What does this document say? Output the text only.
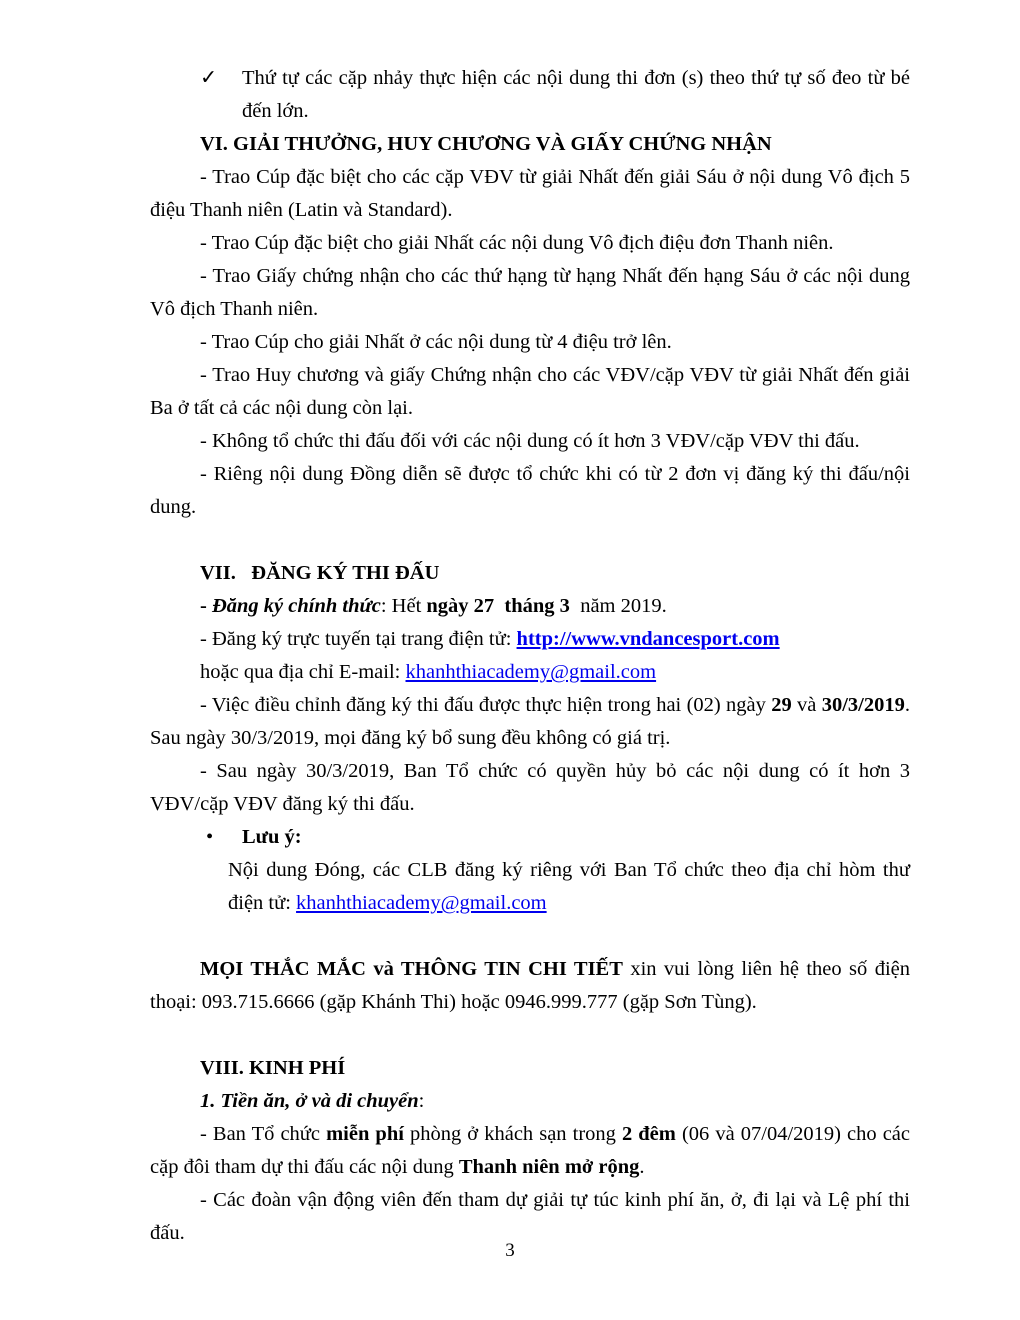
✓ Thứ tự các cặp nhảy thực hiện các nội dung thi đơn (s) theo thứ tự số đeo từ bé đến lớn.

VI. GIẢI THƯỞNG, HUY CHƯƠNG VÀ GIẤY CHỨNG NHẬN

- Trao Cúp đặc biệt cho các cặp VĐV từ giải Nhất đến giải Sáu ở nội dung Vô địch 5 điệu Thanh niên (Latin và Standard).

- Trao Cúp đặc biệt cho giải Nhất các nội dung Vô địch điệu đơn Thanh niên.

- Trao Giấy chứng nhận cho các thứ hạng từ hạng Nhất đến hạng Sáu ở các nội dung Vô địch Thanh niên.

- Trao Cúp cho giải Nhất ở các nội dung từ 4 điệu trở lên.

- Trao Huy chương và giấy Chứng nhận cho các VĐV/cặp VĐV từ giải Nhất đến giải Ba ở tất cả các nội dung còn lại.

- Không tổ chức thi đấu đối với các nội dung có ít hơn 3 VĐV/cặp VĐV thi đấu.

- Riêng nội dung Đồng diễn sẽ được tổ chức khi có từ 2 đơn vị đăng ký thi đấu/nội dung.

VII.   ĐĂNG KÝ THI ĐẤU

- Đăng ký chính thức: Hết ngày 27  tháng 3  năm 2019.

- Đăng ký trực tuyến tại trang điện tử: http://www.vndancesport.com

hoặc qua địa chỉ E-mail: khanhthiacademy@gmail.com

- Việc điều chỉnh đăng ký thi đấu được thực hiện trong hai (02) ngày 29 và 30/3/2019. Sau ngày 30/3/2019, mọi đăng ký bổ sung đều không có giá trị.

- Sau ngày 30/3/2019, Ban Tổ chức có quyền hủy bỏ các nội dung có ít hơn 3 VĐV/cặp VĐV đăng ký thi đấu.

• Lưu ý:

Nội dung Đóng, các CLB đăng ký riêng với Ban Tổ chức theo địa chỉ hòm thư điện tử: khanhthiacademy@gmail.com

MỌI THẮC MẮC và THÔNG TIN CHI TIẾT xin vui lòng liên hệ theo số điện thoại: 093.715.6666 (gặp Khánh Thi) hoặc 0946.999.777 (gặp Sơn Tùng).

VIII. KINH PHÍ

1. Tiền ăn, ở và di chuyển:

- Ban Tổ chức miễn phí phòng ở khách sạn trong 2 đêm (06 và 07/04/2019) cho các cặp đôi tham dự thi đấu các nội dung Thanh niên mở rộng.

- Các đoàn vận động viên đến tham dự giải tự túc kinh phí ăn, ở, đi lại và Lệ phí thi đấu.

3
